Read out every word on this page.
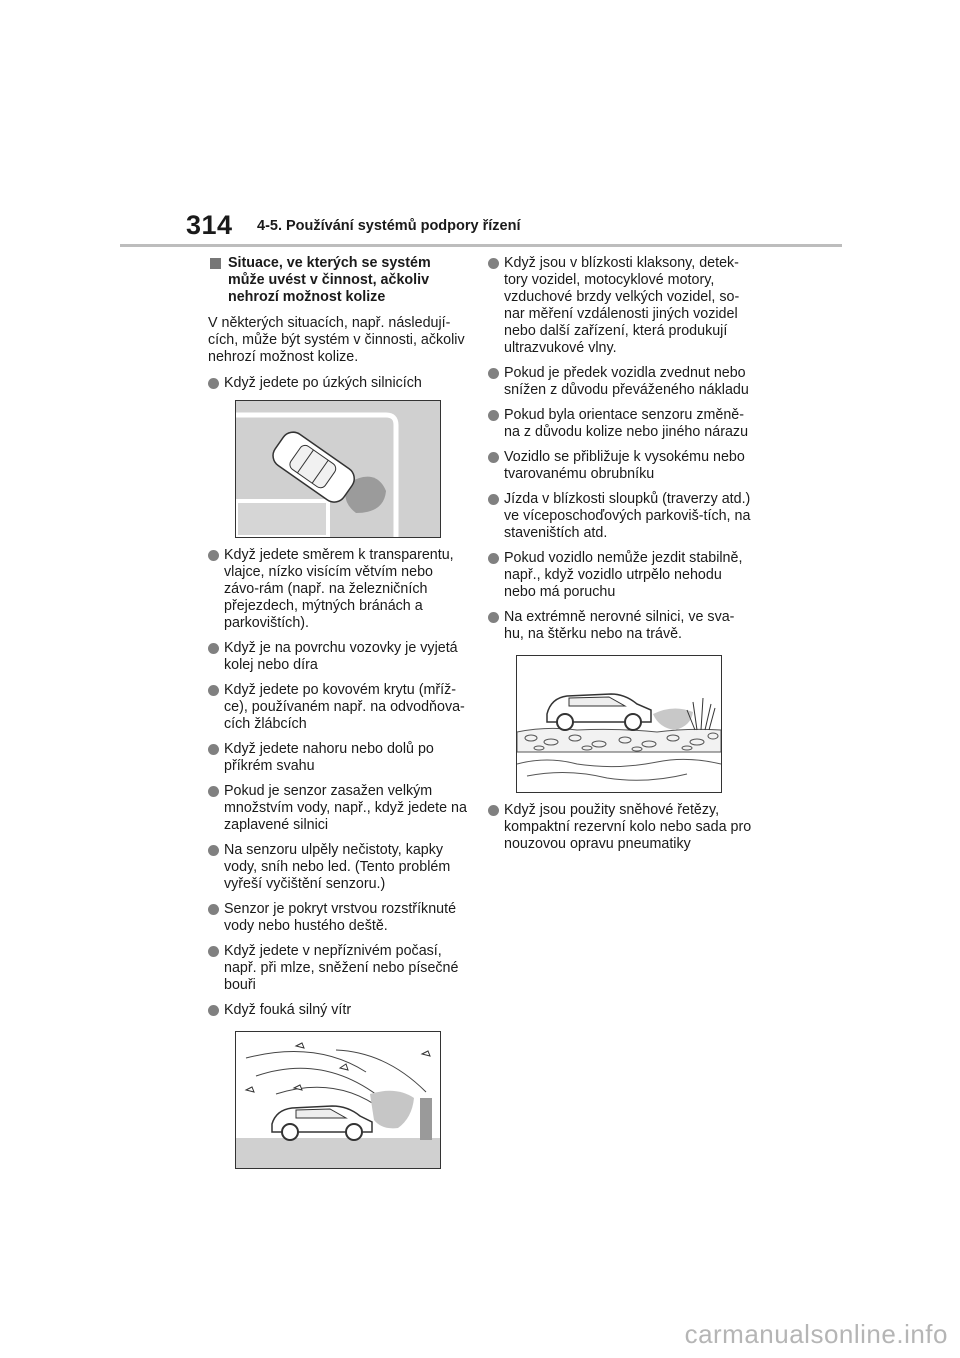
314 4-5. Používání systémů podpory řízení
Situace, ve kterých se systém může uvést v činnost, ačkoliv nehrozí možnost kolize

V některých situacích, např. následují-cích, může být systém v činnosti, ačkoliv nehrozí možnost kolize.

Když jedete po úzkých silnicích
Když jedete směrem k transparentu, vlajce, nízko visícím větvím nebo závo-rám (např. na železničních přejezdech, mýtných bránách a parkovištích).
Když je na povrchu vozovky je vyjetá kolej nebo díra
Když jedete po kovovém krytu (mříž-ce), používaném např. na odvodňova-cích žlábcích
Když jedete nahoru nebo dolů po příkrém svahu
Pokud je senzor zasažen velkým množstvím vody, např., když jedete na zaplavené silnici
Na senzoru ulpěly nečistoty, kapky vody, sníh nebo led. (Tento problém vyřeší vyčištění senzoru.)
Senzor je pokryt vrstvou rozstříknuté vody nebo hustého deště.
Když jedete v nepříznivém počasí, např. při mlze, sněžení nebo písečné bouři
Když fouká silný vítr
Když jsou v blízkosti klaksony, detek-tory vozidel, motocyklové motory, vzduchové brzdy velkých vozidel, so-nar měření vzdálenosti jiných vozidel nebo další zařízení, která produkují ultrazvukové vlny.
Pokud je předek vozidla zvednut nebo snížen z důvodu převáženého nákladu
Pokud byla orientace senzoru změně-na z důvodu kolize nebo jiného nárazu
Vozidlo se přibližuje k vysokému nebo tvarovanému obrubníku
Jízda v blízkosti sloupků (traverzy atd.) ve víceposchoďových parkoviš-tích, na staveništích atd.
Pokud vozidlo nemůže jezdit stabilně, např., když vozidlo utrpělo nehodu nebo má poruchu
Na extrémně nerovné silnici, ve sva-hu, na štěrku nebo na trávě.
Když jsou použity sněhové řetězy, kompaktní rezervní kolo nebo sada pro nouzovou opravu pneumatiky
carmanualsonline.info
